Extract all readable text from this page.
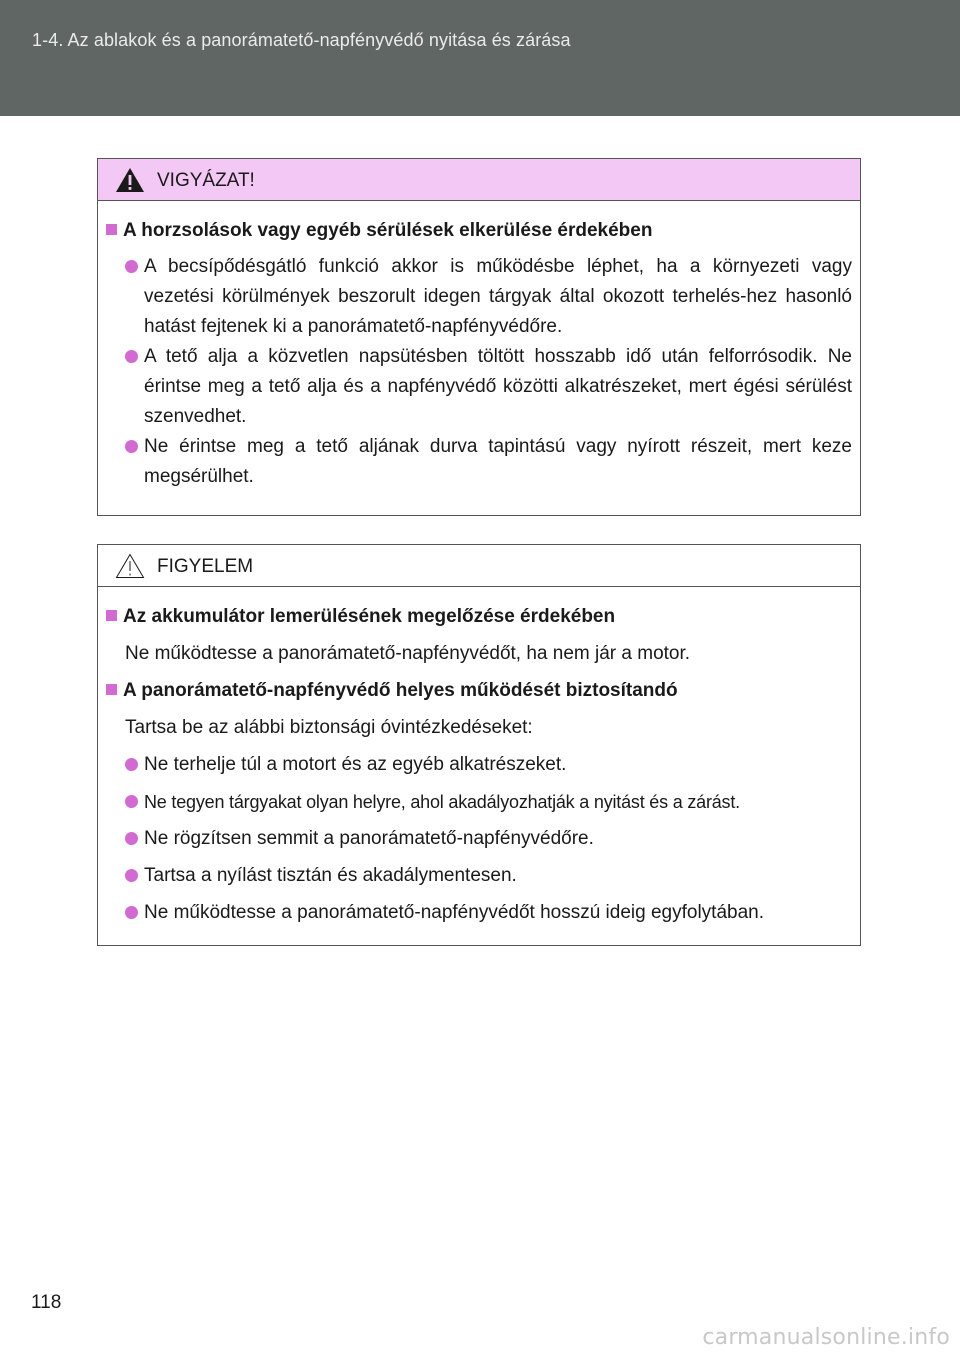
1-4. Az ablakok és a panorámatető-napfényvédő nyitása és zárása
VIGYÁZAT!
A horzsolások vagy egyéb sérülések elkerülése érdekében
A becsípődésgátló funkció akkor is működésbe léphet, ha a környezeti vagy vezetési körülmények beszorult idegen tárgyak által okozott terhelés-hez hasonló hatást fejtenek ki a panorámatető-napfényvédőre.
A tető alja a közvetlen napsütésben töltött hosszabb idő után felforrósodik. Ne érintse meg a tető alja és a napfényvédő közötti alkatrészeket, mert égési sérülést szenvedhet.
Ne érintse meg a tető aljának durva tapintású vagy nyírott részeit, mert keze megsérülhet.
FIGYELEM
Az akkumulátor lemerülésének megelőzése érdekében
Ne működtesse a panorámatető-napfényvédőt, ha nem jár a motor.
A panorámatető-napfényvédő helyes működését biztosítandó
Tartsa be az alábbi biztonsági óvintézkedéseket:
Ne terhelje túl a motort és az egyéb alkatrészeket.
Ne tegyen tárgyakat olyan helyre, ahol akadályozhatják a nyitást és a zárást.
Ne rögzítsen semmit a panorámatető-napfényvédőre.
Tartsa a nyílást tisztán és akadálymentesen.
Ne működtesse a panorámatető-napfényvédőt hosszú ideig egyfolytában.
118
carmanualsonline.info
